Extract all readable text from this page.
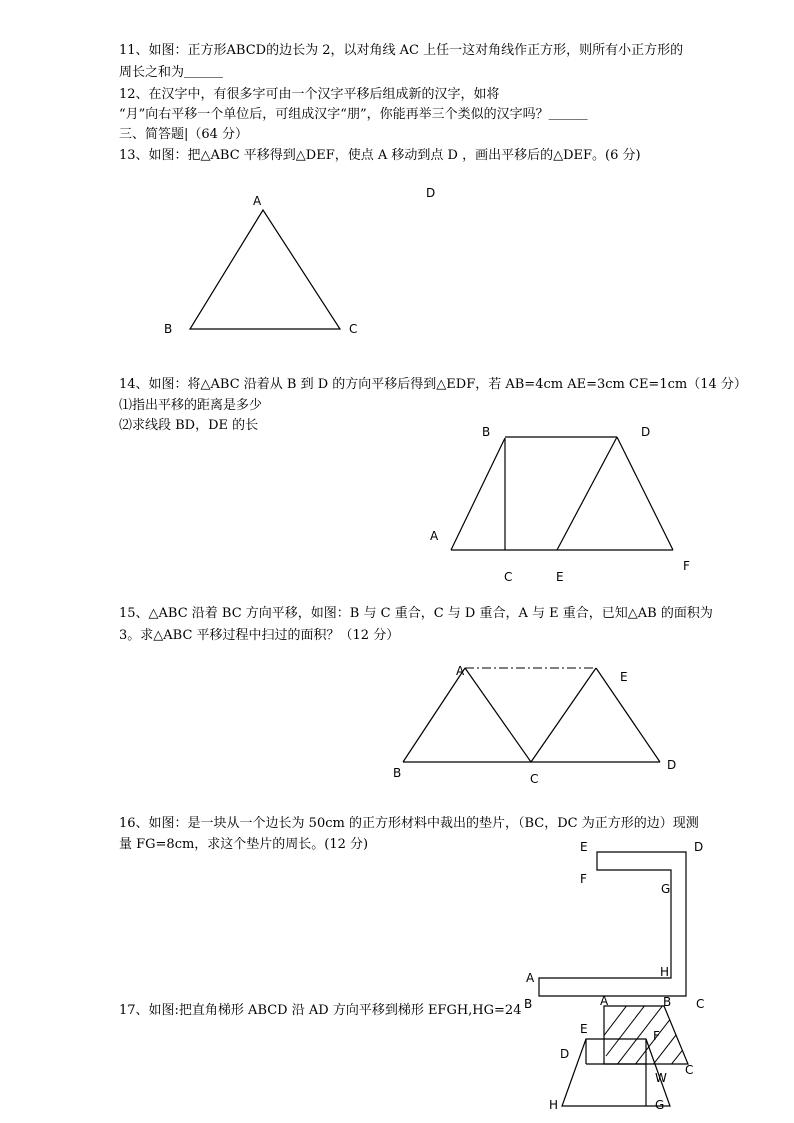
11、如图：正方形ABCD的边长为 2，以对角线 AC 上任一这对角线作正方形，则所有小正方形的
周长之和为＿＿＿
12、在汉字中，有很多字可由一个汉字平移后组成新的汉字，如将
“月”向右平移一个单位后，可组成汉字“朋”，你能再举三个类似的汉字吗？＿＿＿
三、简答题|（64 分）
13、如图：把△ABC 平移得到△DEF，使点 A 移动到点 D ，画出平移后的△DEF。(6 分)
A
B	C
D
14、如图：将△ABC 沿着从 B 到 D 的方向平移后得到△EDF，若 AB=4cm AE=3cm CE=1cm（14 分）
⑴指出平移的距离是多少
⑵求线段 BD，DE 的长	B	D
A
C	E
F
15、△ABC 沿着 BC 方向平移，如图：B 与 C 重合，C 与 D 重合，A 与 E 重合，已知△AB 的面积为
3。求△ABC 平移过程中扫过的面积？（12 分）
A	E
B	C
D
16、如图：是一块从一个边长为 50cm 的正方形材料中裁出的垫片，（BC，DC 为正方形的边）现测
量 FG=8cm，求这个垫片的周长。(12 分)	E	D
F
G
H
A
B	C
17、如图:把直角梯形 ABCD 沿 AD 方向平移到梯形 EFGH,HG=24
A	B
E	F
D
C
W
H	G
